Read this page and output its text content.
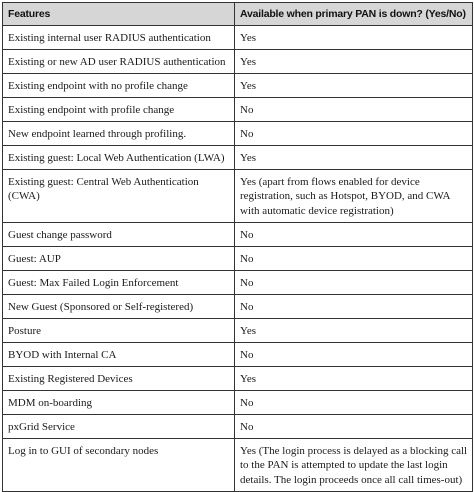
Features	Available when primary PAN is down? (Yes/No)
Existing internal user RADIUS authentication	Yes
Existing or new AD user RADIUS authentication	Yes
Existing endpoint with no profile change	Yes
Existing endpoint with profile change	No
New endpoint learned through profiling.	No
Existing guest: Local Web Authentication (LWA)	Yes
Existing guest: Central Web Authentication (CWA)	Yes (apart from flows enabled for device registration, such as Hotspot, BYOD, and CWA with automatic device registration)
Guest change password	No
Guest: AUP	No
Guest: Max Failed Login Enforcement	No
New Guest (Sponsored or Self-registered)	No
Posture	Yes
BYOD with Internal CA	No
Existing Registered Devices	Yes
MDM on-boarding	No
pxGrid Service	No
Log in to GUI of secondary nodes	Yes (The login process is delayed as a blocking call to the PAN is attempted to update the last login details. The login proceeds once all call times-out)
